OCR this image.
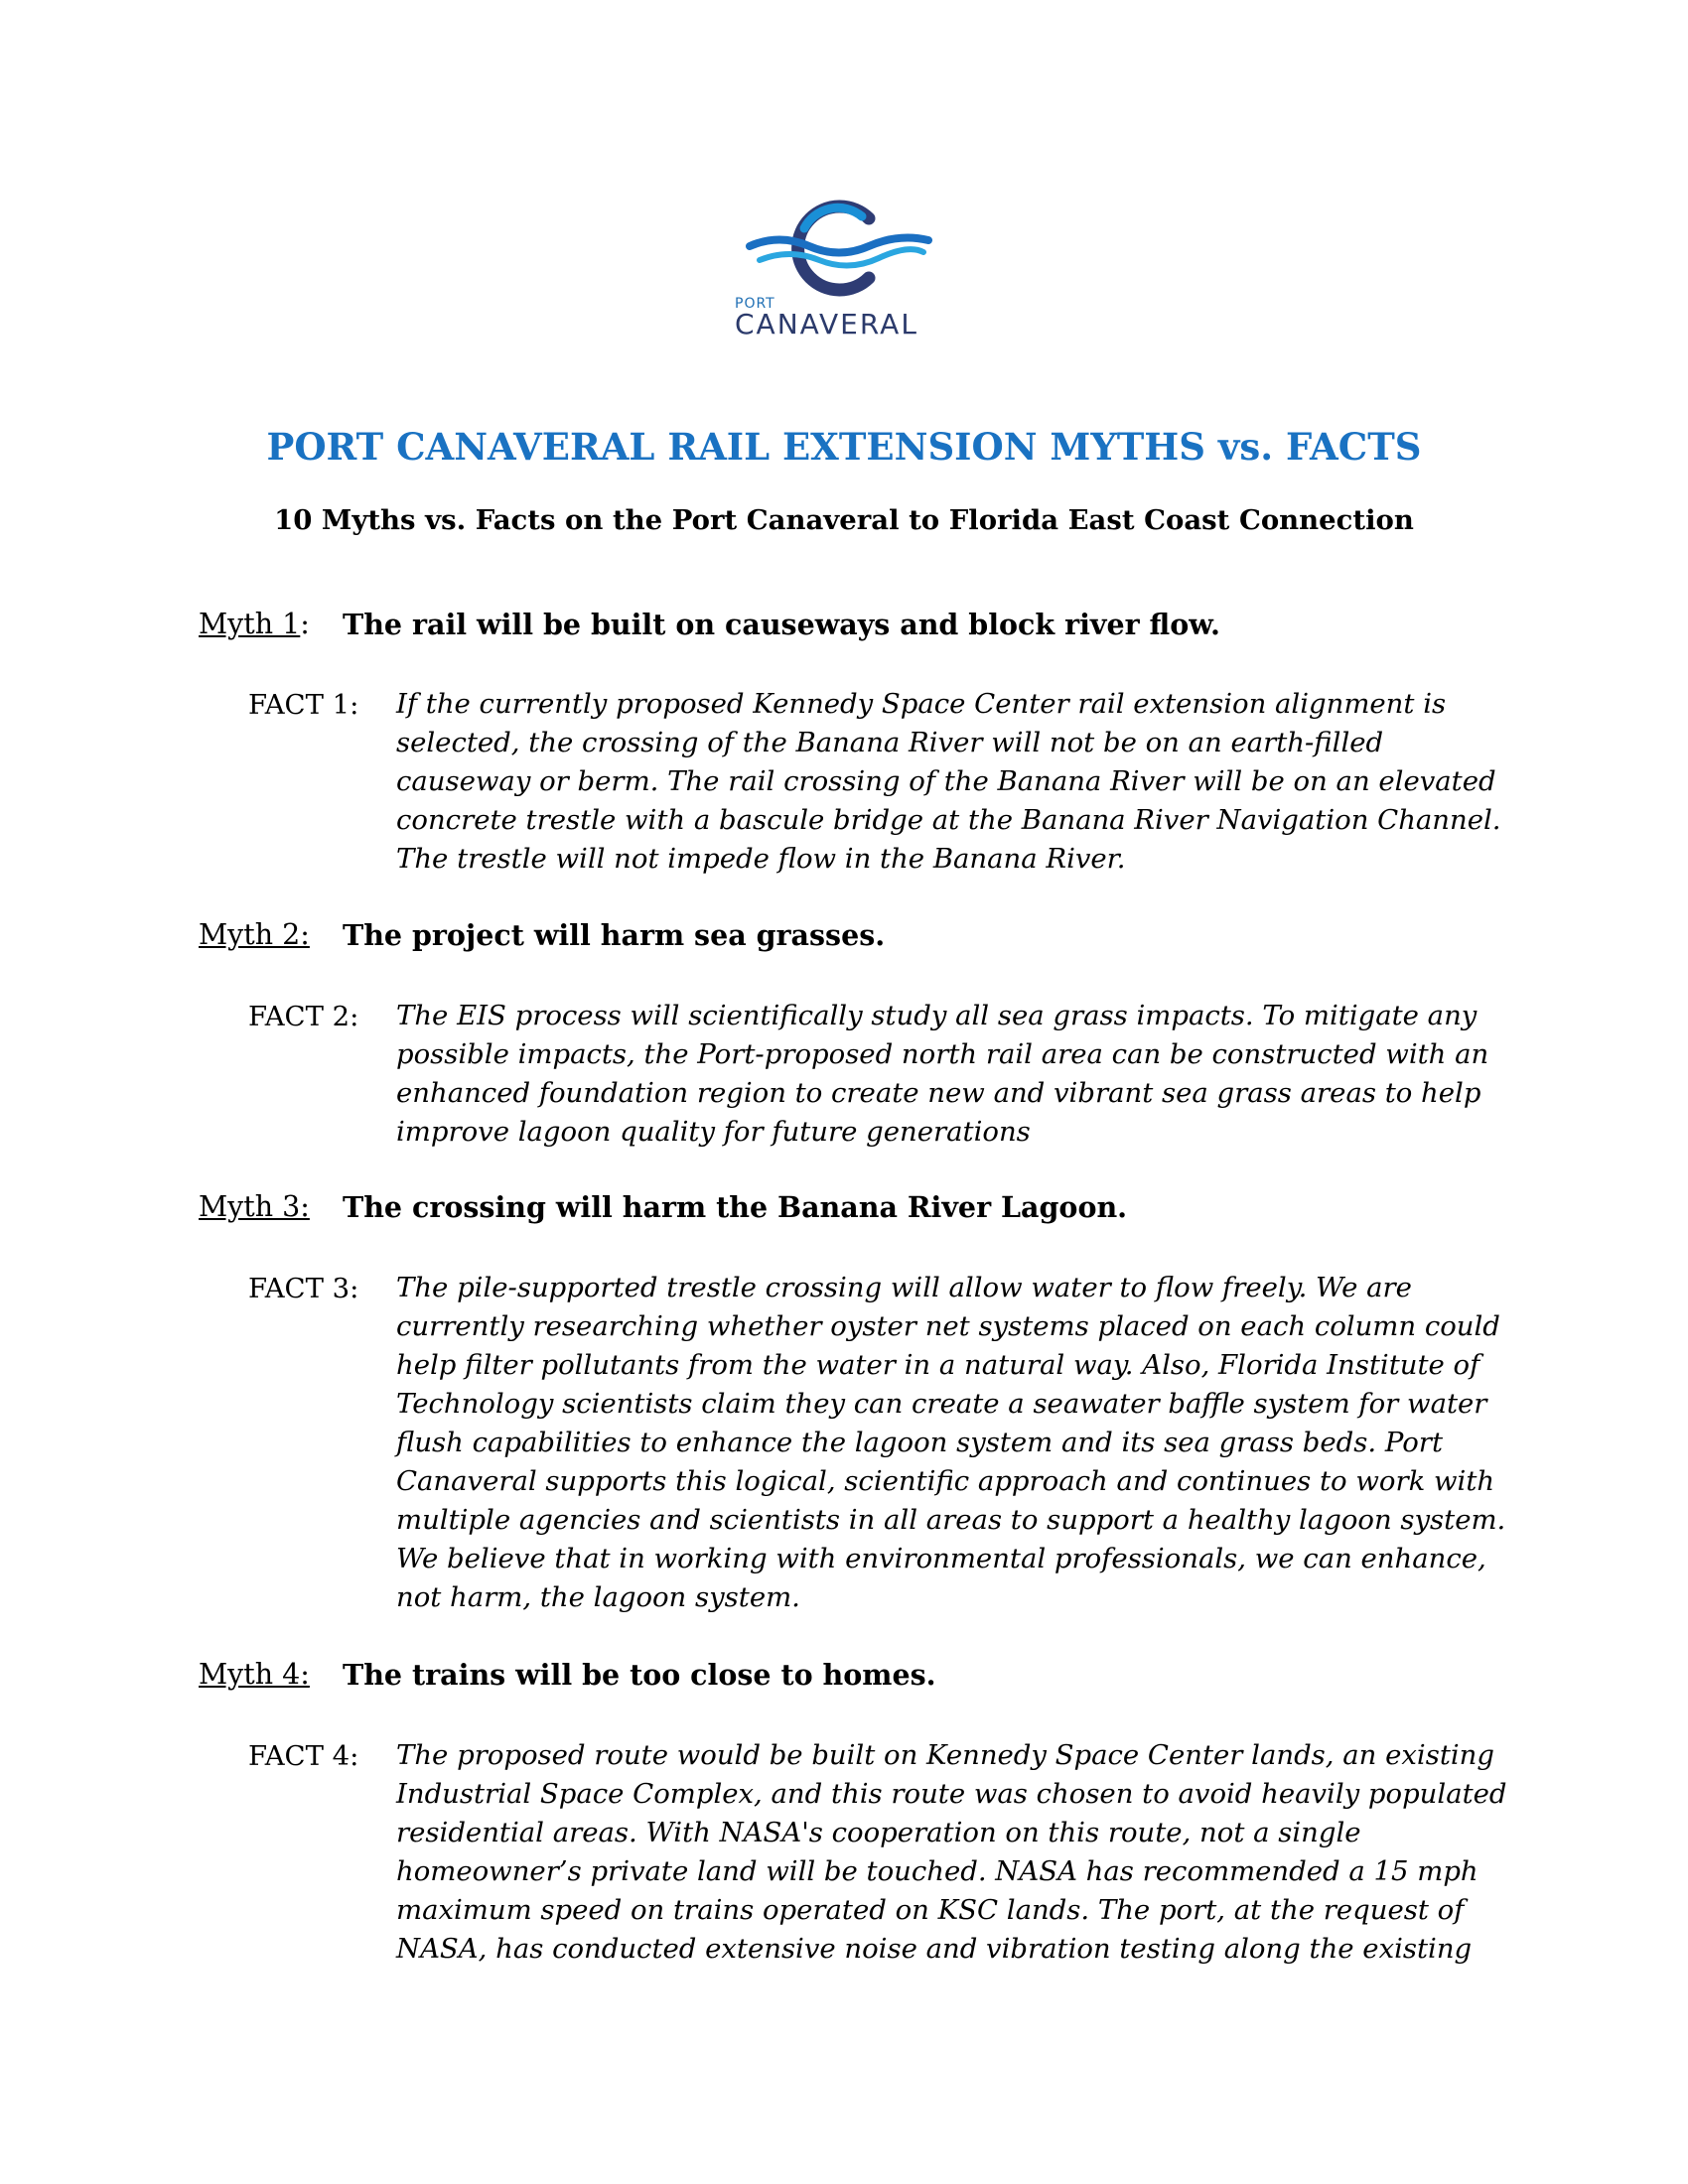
PORT
CANAVERAL
PORT CANAVERAL RAIL EXTENSION MYTHS vs. FACTS
10 Myths vs. Facts on the Port Canaveral to Florida East Coast Connection
Myth 1: The rail will be built on causeways and block river flow.
FACT 1: If the currently proposed Kennedy Space Center rail extension alignment is
selected, the crossing of the Banana River will not be on an earth-filled
causeway or berm. The rail crossing of the Banana River will be on an elevated
concrete trestle with a bascule bridge at the Banana River Navigation Channel.
The trestle will not impede flow in the Banana River.
Myth 2: The project will harm sea grasses.
FACT 2: The EIS process will scientifically study all sea grass impacts. To mitigate any
possible impacts, the Port-proposed north rail area can be constructed with an
enhanced foundation region to create new and vibrant sea grass areas to help
improve lagoon quality for future generations
Myth 3: The crossing will harm the Banana River Lagoon.
FACT 3: The pile-supported trestle crossing will allow water to flow freely. We are
currently researching whether oyster net systems placed on each column could
help filter pollutants from the water in a natural way. Also, Florida Institute of
Technology scientists claim they can create a seawater baffle system for water
flush capabilities to enhance the lagoon system and its sea grass beds. Port
Canaveral supports this logical, scientific approach and continues to work with
multiple agencies and scientists in all areas to support a healthy lagoon system.
We believe that in working with environmental professionals, we can enhance,
not harm, the lagoon system.
Myth 4: The trains will be too close to homes.
FACT 4: The proposed route would be built on Kennedy Space Center lands, an existing
Industrial Space Complex, and this route was chosen to avoid heavily populated
residential areas. With NASA's cooperation on this route, not a single
homeowner’s private land will be touched. NASA has recommended a 15 mph
maximum speed on trains operated on KSC lands. The port, at the request of
NASA, has conducted extensive noise and vibration testing along the existing
